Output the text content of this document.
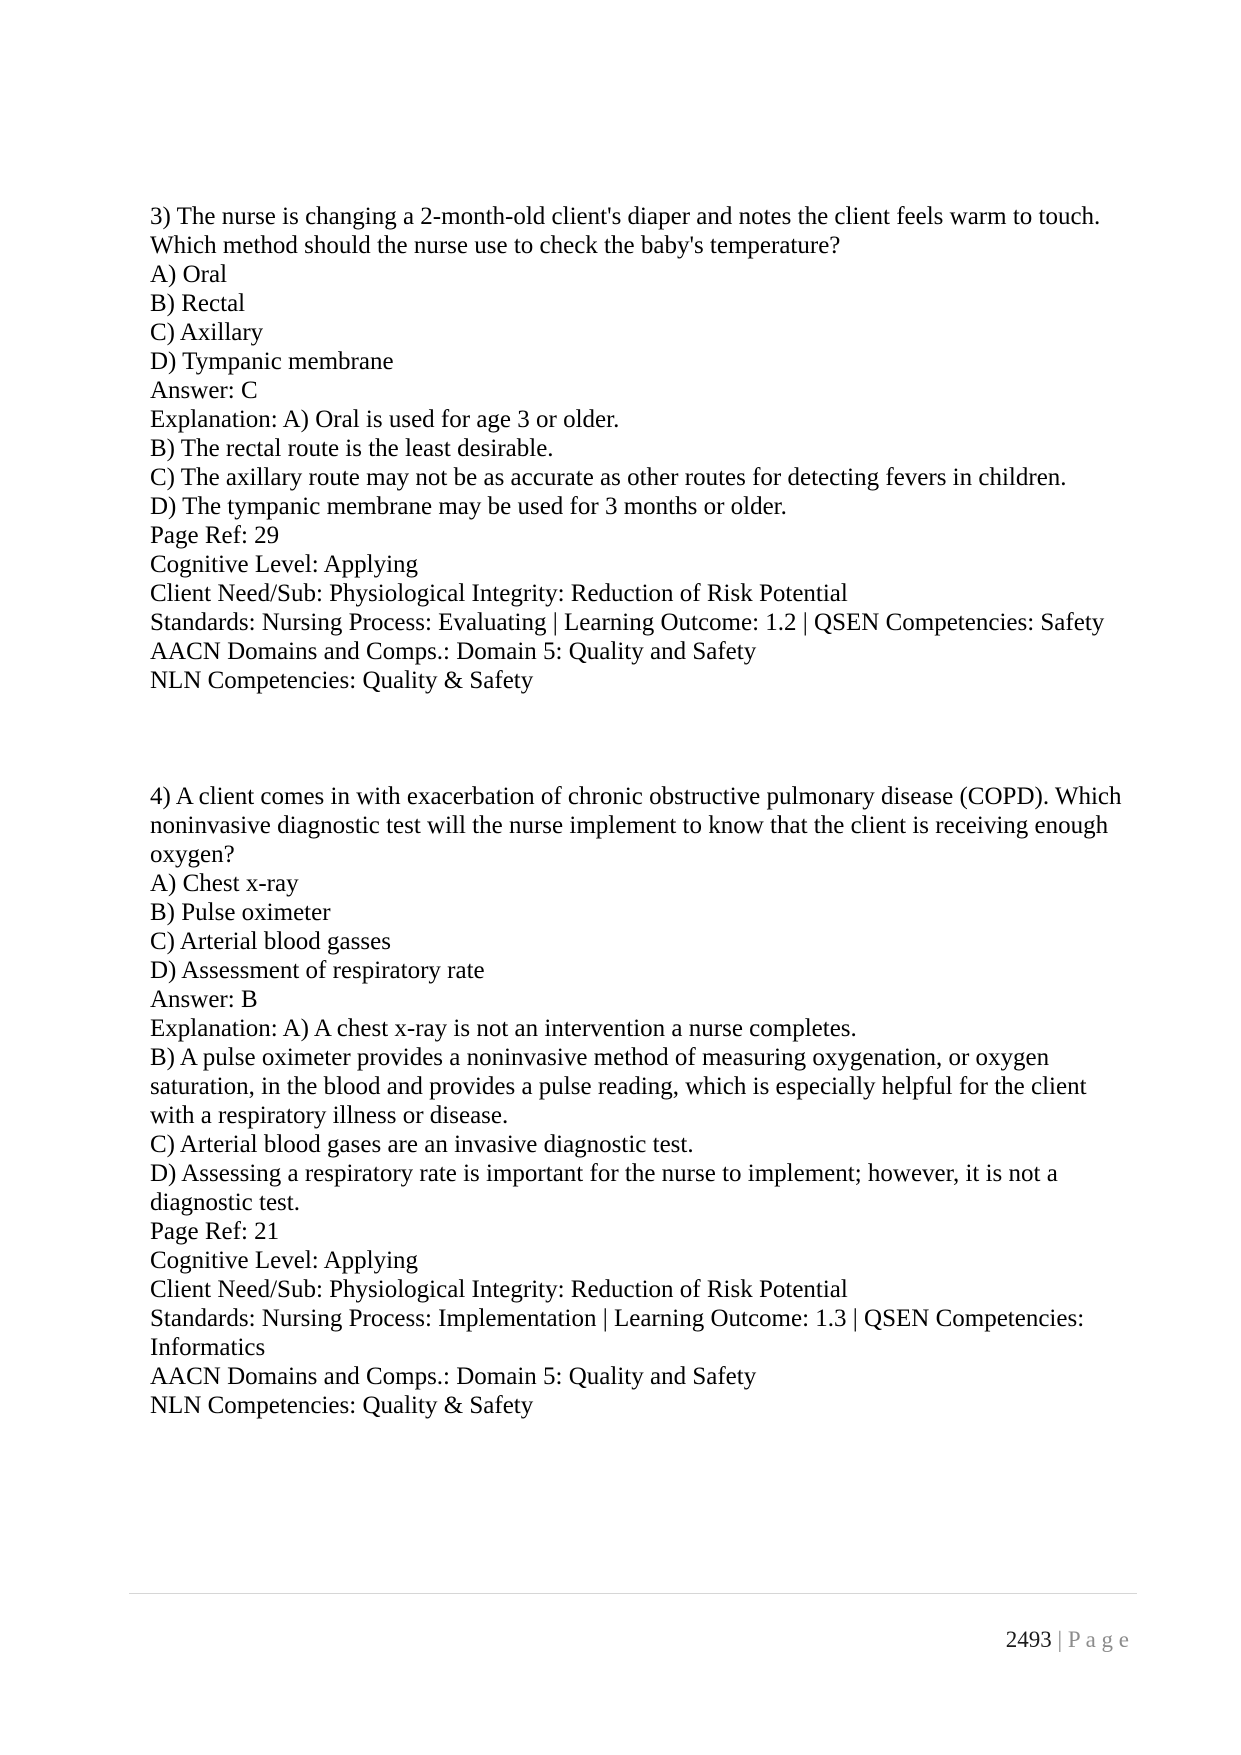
3) The nurse is changing a 2-month-old client's diaper and notes the client feels warm to touch.
Which method should the nurse use to check the baby's temperature?
A) Oral
B) Rectal
C) Axillary
D) Tympanic membrane
Answer: C
Explanation: A) Oral is used for age 3 or older.
B) The rectal route is the least desirable.
C) The axillary route may not be as accurate as other routes for detecting fevers in children.
D) The tympanic membrane may be used for 3 months or older.
Page Ref: 29
Cognitive Level: Applying
Client Need/Sub: Physiological Integrity: Reduction of Risk Potential
Standards: Nursing Process: Evaluating | Learning Outcome: 1.2 | QSEN Competencies: Safety
AACN Domains and Comps.: Domain 5: Quality and Safety
NLN Competencies: Quality & Safety

4) A client comes in with exacerbation of chronic obstructive pulmonary disease (COPD). Which
noninvasive diagnostic test will the nurse implement to know that the client is receiving enough
oxygen?
A) Chest x-ray
B) Pulse oximeter
C) Arterial blood gasses
D) Assessment of respiratory rate
Answer: B
Explanation: A) A chest x-ray is not an intervention a nurse completes.
B) A pulse oximeter provides a noninvasive method of measuring oxygenation, or oxygen
saturation, in the blood and provides a pulse reading, which is especially helpful for the client
with a respiratory illness or disease.
C) Arterial blood gases are an invasive diagnostic test.
D) Assessing a respiratory rate is important for the nurse to implement; however, it is not a
diagnostic test.
Page Ref: 21
Cognitive Level: Applying
Client Need/Sub: Physiological Integrity: Reduction of Risk Potential
Standards: Nursing Process: Implementation | Learning Outcome: 1.3 | QSEN Competencies:
Informatics
AACN Domains and Comps.: Domain 5: Quality and Safety
NLN Competencies: Quality & Safety

2493 | P a g e
